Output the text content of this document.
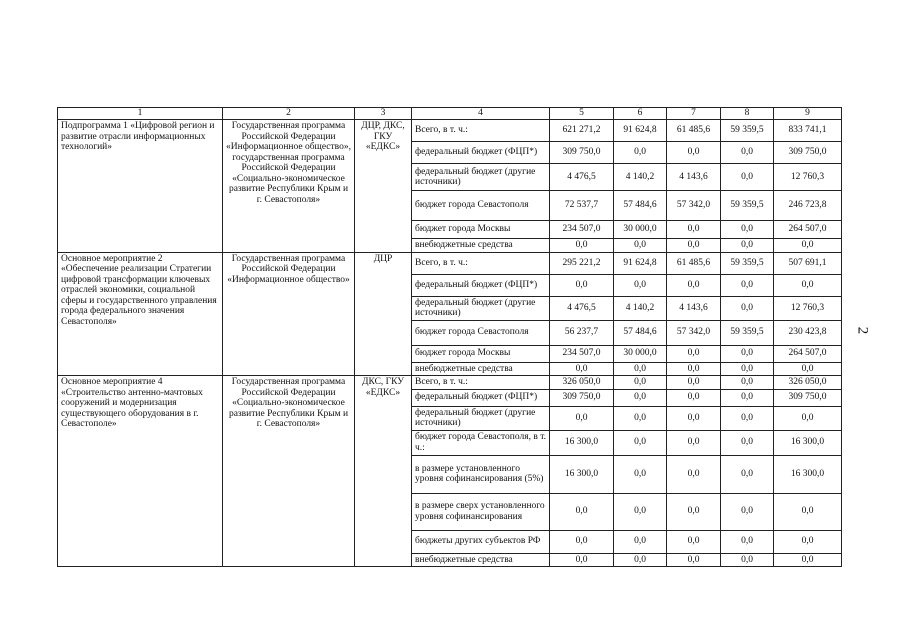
1	2	3	4	5	6	7	8	9
Подпрограмма 1 «Цифровой регион и развитие отрасли информационных технологий»	Государственная программа Российской Федерации «Информационное общество», государственная программа Российской Федерации «Социально-экономическое развитие Республики Крым и г. Севастополя»	ДЦР, ДКС, ГКУ «ЕДКС»	Всего, в т. ч.:	621 271,2	91 624,8	61 485,6	59 359,5	833 741,1
			федеральный бюджет (ФЦП*)	309 750,0	0,0	0,0	0,0	309 750,0
			федеральный бюджет (другие источники)	4 476,5	4 140,2	4 143,6	0,0	12 760,3
			бюджет города Севастополя	72 537,7	57 484,6	57 342,0	59 359,5	246 723,8
			бюджет города Москвы	234 507,0	30 000,0	0,0	0,0	264 507,0
			внебюджетные средства	0,0	0,0	0,0	0,0	0,0
Основное мероприятие 2 «Обеспечение реализации Стратегии цифровой трансформации ключевых отраслей экономики, социальной сферы и государственного управления города федерального значения Севастополя»	Государственная программа Российской Федерации «Информационное общество»	ДЦР	Всего, в т. ч.:	295 221,2	91 624,8	61 485,6	59 359,5	507 691,1
			федеральный бюджет (ФЦП*)	0,0	0,0	0,0	0,0	0,0
			федеральный бюджет (другие источники)	4 476,5	4 140,2	4 143,6	0,0	12 760,3
			бюджет города Севастополя	56 237,7	57 484,6	57 342,0	59 359,5	230 423,8
			бюджет города Москвы	234 507,0	30 000,0	0,0	0,0	264 507,0
			внебюджетные средства	0,0	0,0	0,0	0,0	0,0
Основное мероприятие 4 «Строительство антенно-мачтовых сооружений и модернизация существующего оборудования в г. Севастополе»	Государственная программа Российской Федерации «Социально-экономическое развитие Республики Крым и г. Севастополя»	ДКС, ГКУ «ЕДКС»	Всего, в т. ч.:	326 050,0	0,0	0,0	0,0	326 050,0
			федеральный бюджет (ФЦП*)	309 750,0	0,0	0,0	0,0	309 750,0
			федеральный бюджет (другие источники)	0,0	0,0	0,0	0,0	0,0
			бюджет города Севастополя, в т. ч.:	16 300,0	0,0	0,0	0,0	16 300,0
			в размере установленного уровня софинансирования (5%)	16 300,0	0,0	0,0	0,0	16 300,0
			в размере сверх установленного уровня софинансирования	0,0	0,0	0,0	0,0	0,0
			бюджеты других субъектов РФ	0,0	0,0	0,0	0,0	0,0
			внебюджетные средства	0,0	0,0	0,0	0,0	0,0
2
